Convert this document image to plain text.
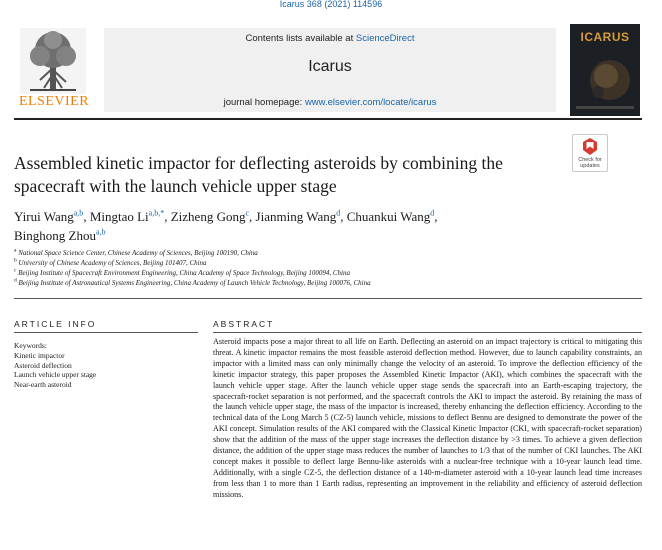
Icarus 368 (2021) 114596
ELSEVIER
Contents lists available at ScienceDirect
Icarus
journal homepage: www.elsevier.com/locate/icarus
ICARUS
Assembled kinetic impactor for deflecting asteroids by combining the spacecraft with the launch vehicle upper stage
Check for
updates
Yirui Wang$^{a,b}$, Mingtao $Li^{a,b,*}$, Zizheng Gong$^c$, Jianming Wang$^d$, Chuankui Wang$^d$,
Binghong Zhou$^{a,b}$
$^a$ National Space Science Center, Chinese Academy of Sciences, Beijing 100190, China
$^b$ University of Chinese Academy of Sciences, Beijing 101407, China
$^c$ Beijing Institute of Spacecraft Environment Engineering, China Academy of Space Technology, Beijing 100094, China
$^d$ Beijing Institute of Astronautical Systems Engineering, China Academy of Launch Vehicle Technology, Beijing 100076, China
ARTICLE INFO
Keywords:
Kinetic impactor
Asteroid deflection
Launch vehicle upper stage
Near-earth asteroid
ABSTRACT
Asteroid impacts pose a major threat to all life on Earth. Deflecting an asteroid on an impact trajectory is critical to mitigating this threat. A kinetic impactor remains the most feasible asteroid deflection method. However, due to launch capability constraints, an impactor with a limited mass can only minimally change the velocity of an asteroid. To improve the deflection efficiency of the kinetic impactor strategy, this paper proposes the Assembled Kinetic Impactor (AKI), which combines the spacecraft with the launch vehicle upper stage. After the launch vehicle upper stage sends the spacecraft into an Earth-escaping trajectory, the spacecraft-rocket separation is not performed, and the spacecraft controls the AKI to impact the asteroid. By retaining the mass of the launch vehicle upper stage, the mass of the impactor is increased, thereby enhancing the deflection efficiency. According to the technical data of the Long March 5 (CZ-5) launch vehicle, missions to deflect Bennu are designed to demonstrate the power of the AKI concept. Simulation results of the AKI compared with the Classical Kinetic Impactor (CKI, with spacecraft-rocket separation) show that the addition of the mass of the upper stage increases the deflection distance by >3 times. To achieve a given deflection distance, the addition of the upper stage mass reduces the number of launches to 1/3 that of the number of CKI launches. The AKI concept makes it possible to deflect large Bennu-like asteroids with a nuclear-free technique with a 10-year launch lead time. Additionally, with a single CZ-5, the deflection distance of a 140-m-diameter asteroid with a 10-year launch lead time increases from less than 1 to more than 1 Earth radius, representing an improvement in the reliability and efficiency of asteroid deflection missions.
